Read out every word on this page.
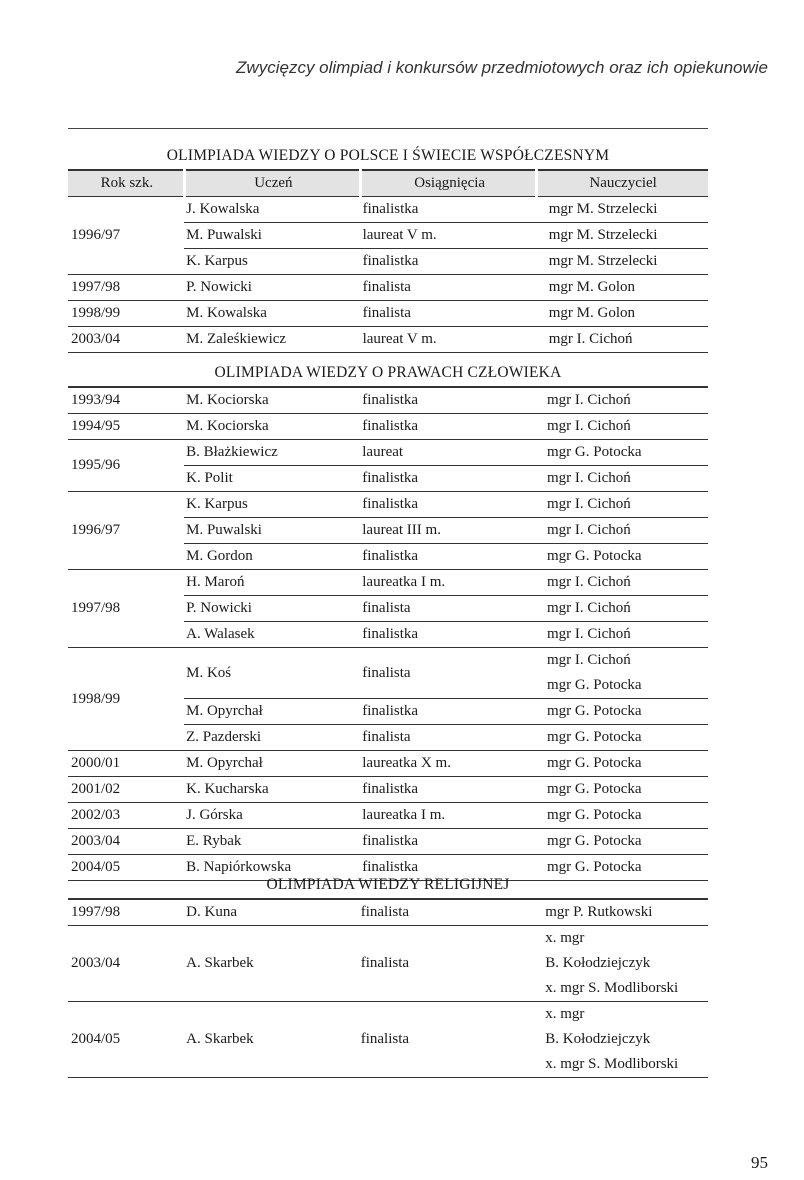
Zwycięzcy olimpiad i konkursów przedmiotowych oraz ich opiekunowie
OLIMPIADA WIEDZY O POLSCE I ŚWIECIE WSPÓŁCZESNYM
Rok szk.	Uczeń	Osiągnięcia	Nauczyciel
1996/97	J. Kowalska	finalistka	mgr M. Strzelecki
	M. Puwalski	laureat V m.	mgr M. Strzelecki
	K. Karpus	finalistka	mgr M. Strzelecki
1997/98	P. Nowicki	finalista	mgr M. Golon
1998/99	M. Kowalska	finalista	mgr M. Golon
2003/04	M. Zaleśkiewicz	laureat V m.	mgr I. Cichoń
OLIMPIADA WIEDZY O PRAWACH CZŁOWIEKA
1993/94	M. Kociorska	finalistka	mgr I. Cichoń
1994/95	M. Kociorska	finalistka	mgr I. Cichoń
1995/96	B. Błażkiewicz	laureat	mgr G. Potocka
	K. Polit	finalistka	mgr I. Cichoń
1996/97	K. Karpus	finalistka	mgr I. Cichoń
	M. Puwalski	laureat III m.	mgr I. Cichoń
	M. Gordon	finalistka	mgr G. Potocka
1997/98	H. Maroń	laureatka I m.	mgr I. Cichoń
	P. Nowicki	finalista	mgr I. Cichoń
	A. Walasek	finalistka	mgr I. Cichoń
1998/99	M. Koś	finalista	mgr I. Cichoń
mgr G. Potocka
	M. Opyrchał	finalistka	mgr G. Potocka
	Z. Pazderski	finalista	mgr G. Potocka
2000/01	M. Opyrchał	laureatka X m.	mgr G. Potocka
2001/02	K. Kucharska	finalistka	mgr G. Potocka
2002/03	J. Górska	laureatka I m.	mgr G. Potocka
2003/04	E. Rybak	finalistka	mgr G. Potocka
2004/05	B. Napiórkowska	finalistka	mgr G. Potocka
OLIMPIADA WIEDZY RELIGIJNEJ
1997/98	D. Kuna	finalista	mgr P. Rutkowski
2003/04	A. Skarbek	finalista	x. mgr
B. Kołodziejczyk
x. mgr S. Modliborski
2004/05	A. Skarbek	finalista	x. mgr
B. Kołodziejczyk
x. mgr S. Modliborski
95
